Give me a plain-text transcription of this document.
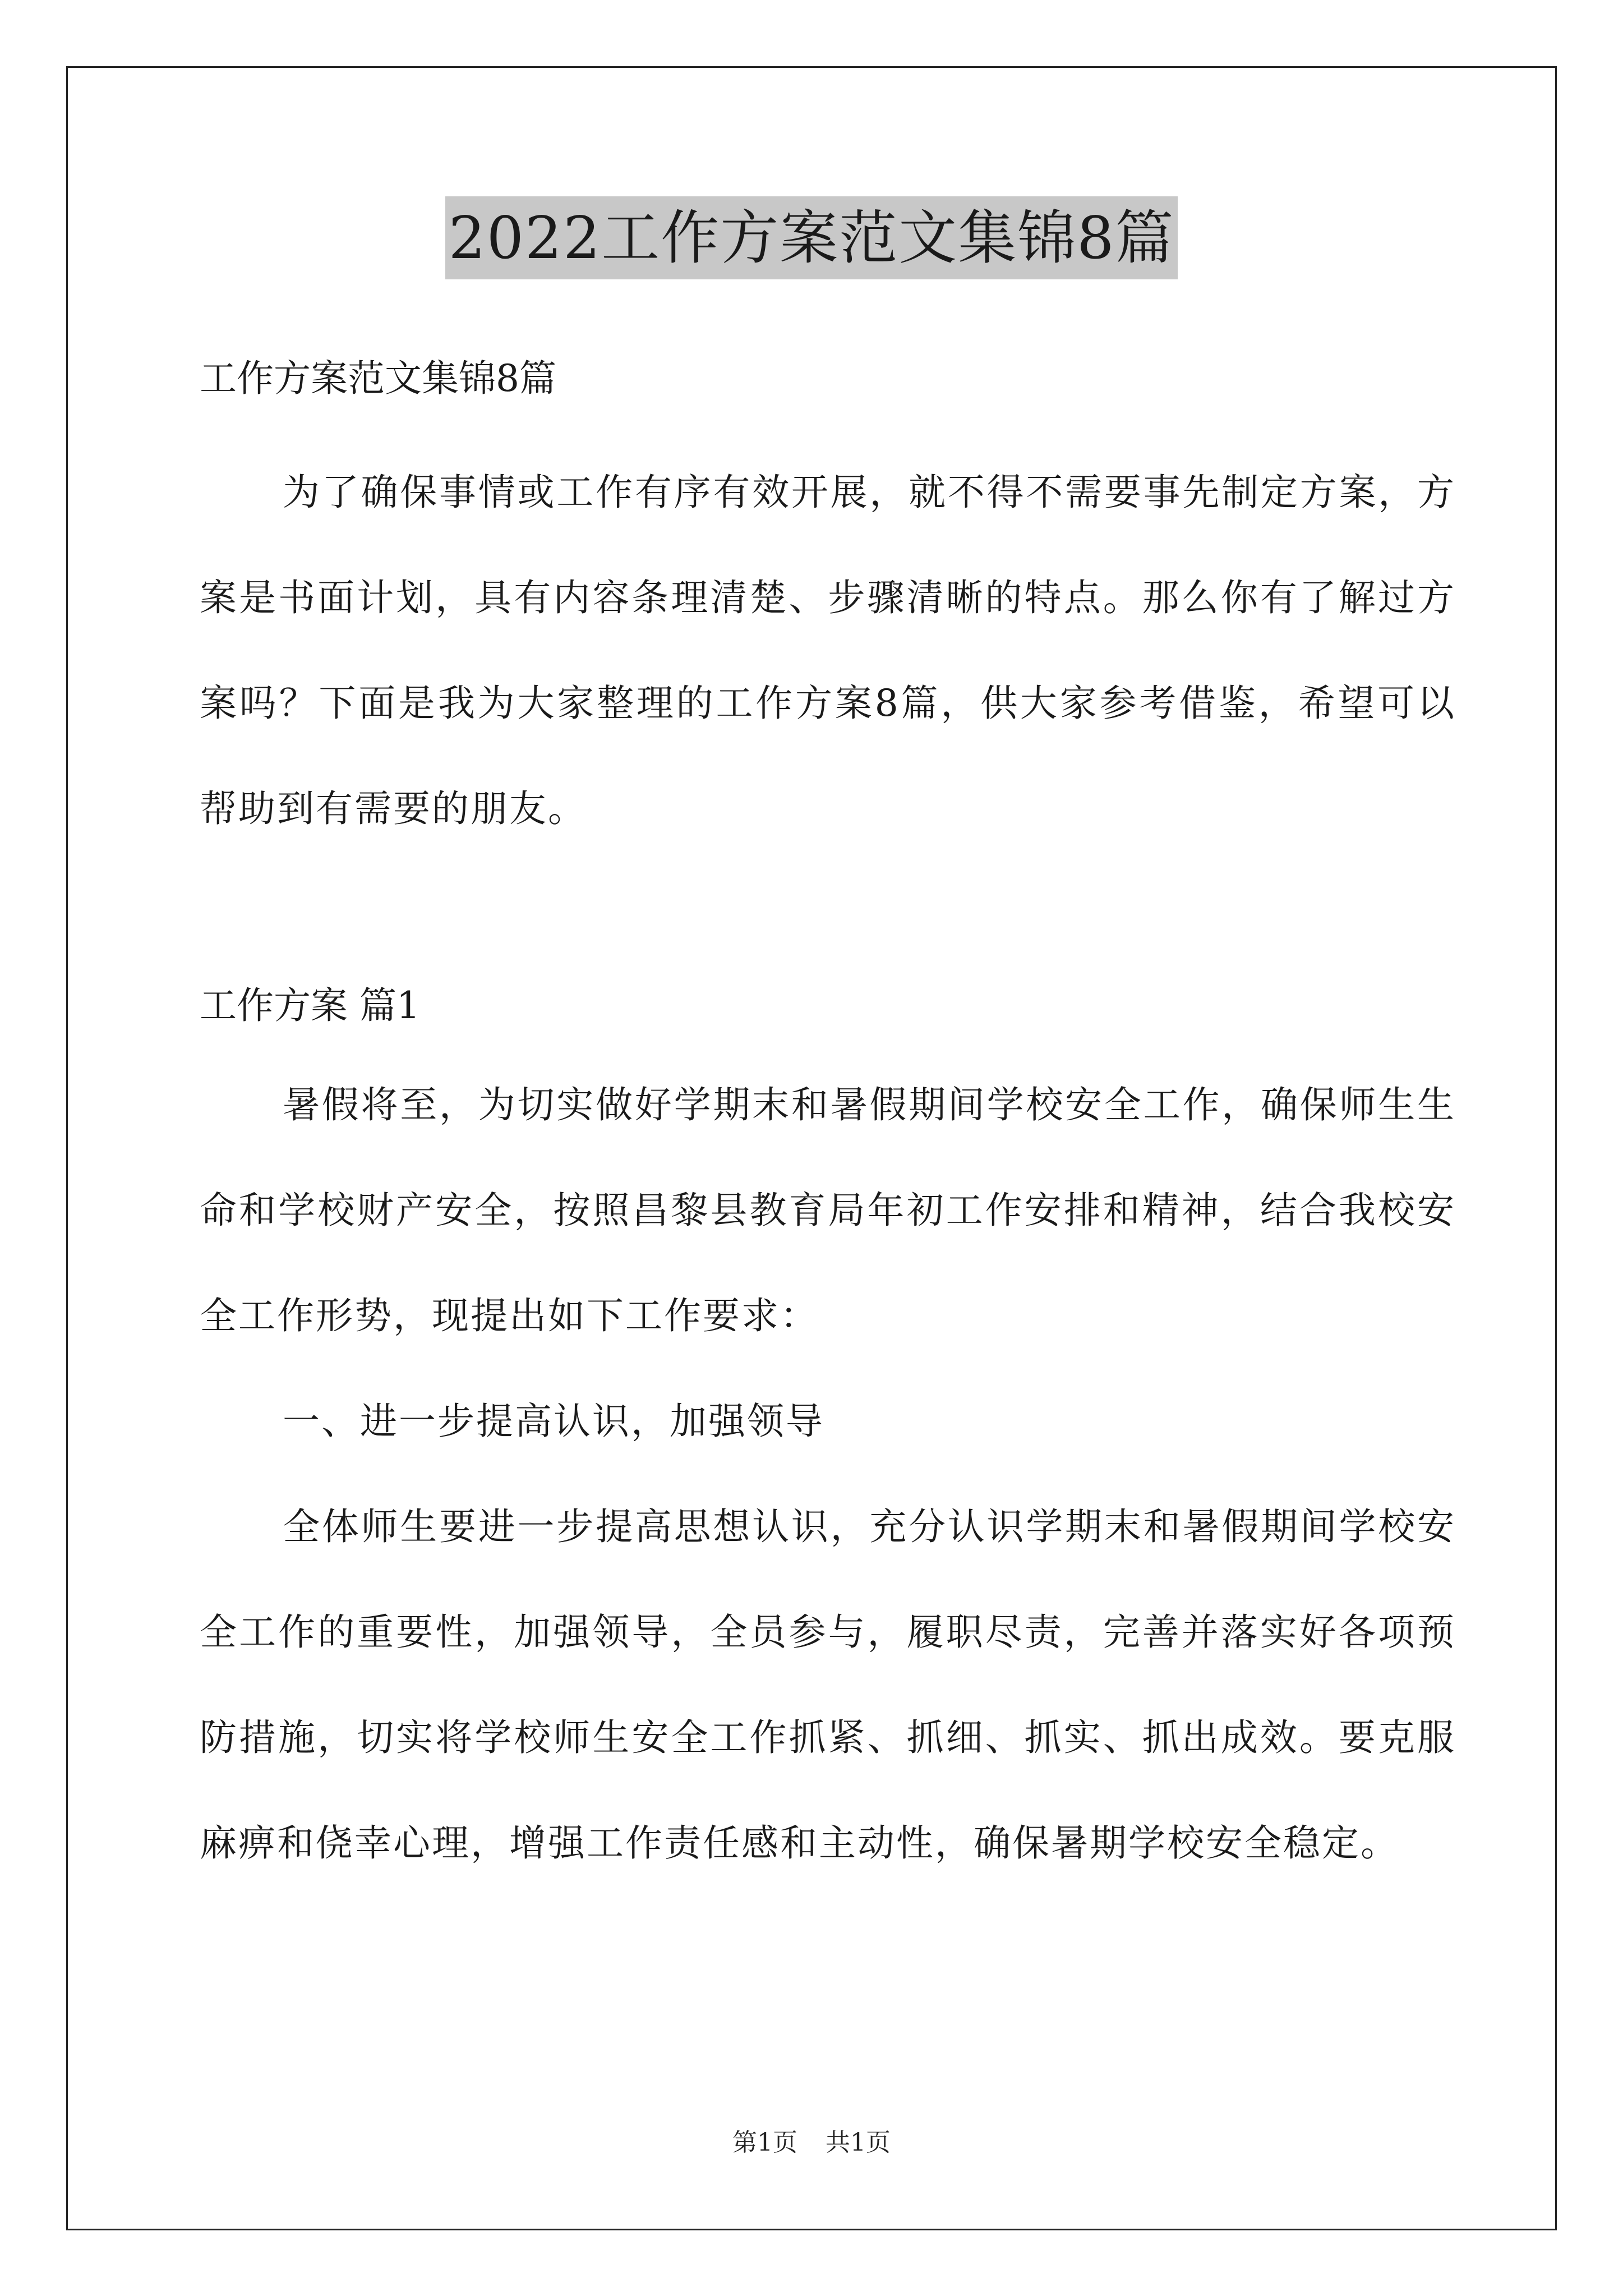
2022工作方案范文集锦8篇

工作方案范文集锦8篇

为了确保事情或工作有序有效开展，就不得不需要事先制定方案，方案是书面计划，具有内容条理清楚、步骤清晰的特点。那么你有了解过方案吗？下面是我为大家整理的工作方案8篇，供大家参考借鉴，希望可以帮助到有需要的朋友。

工作方案 篇1

暑假将至，为切实做好学期末和暑假期间学校安全工作，确保师生生命和学校财产安全，按照昌黎县教育局年初工作安排和精神，结合我校安全工作形势，现提出如下工作要求：

一、进一步提高认识，加强领导

全体师生要进一步提高思想认识，充分认识学期末和暑假期间学校安全工作的重要性，加强领导，全员参与，履职尽责，完善并落实好各项预防措施，切实将学校师生安全工作抓紧、抓细、抓实、抓出成效。要克服麻痹和侥幸心理，增强工作责任感和主动性，确保暑期学校安全稳定。

第1页 共1页
